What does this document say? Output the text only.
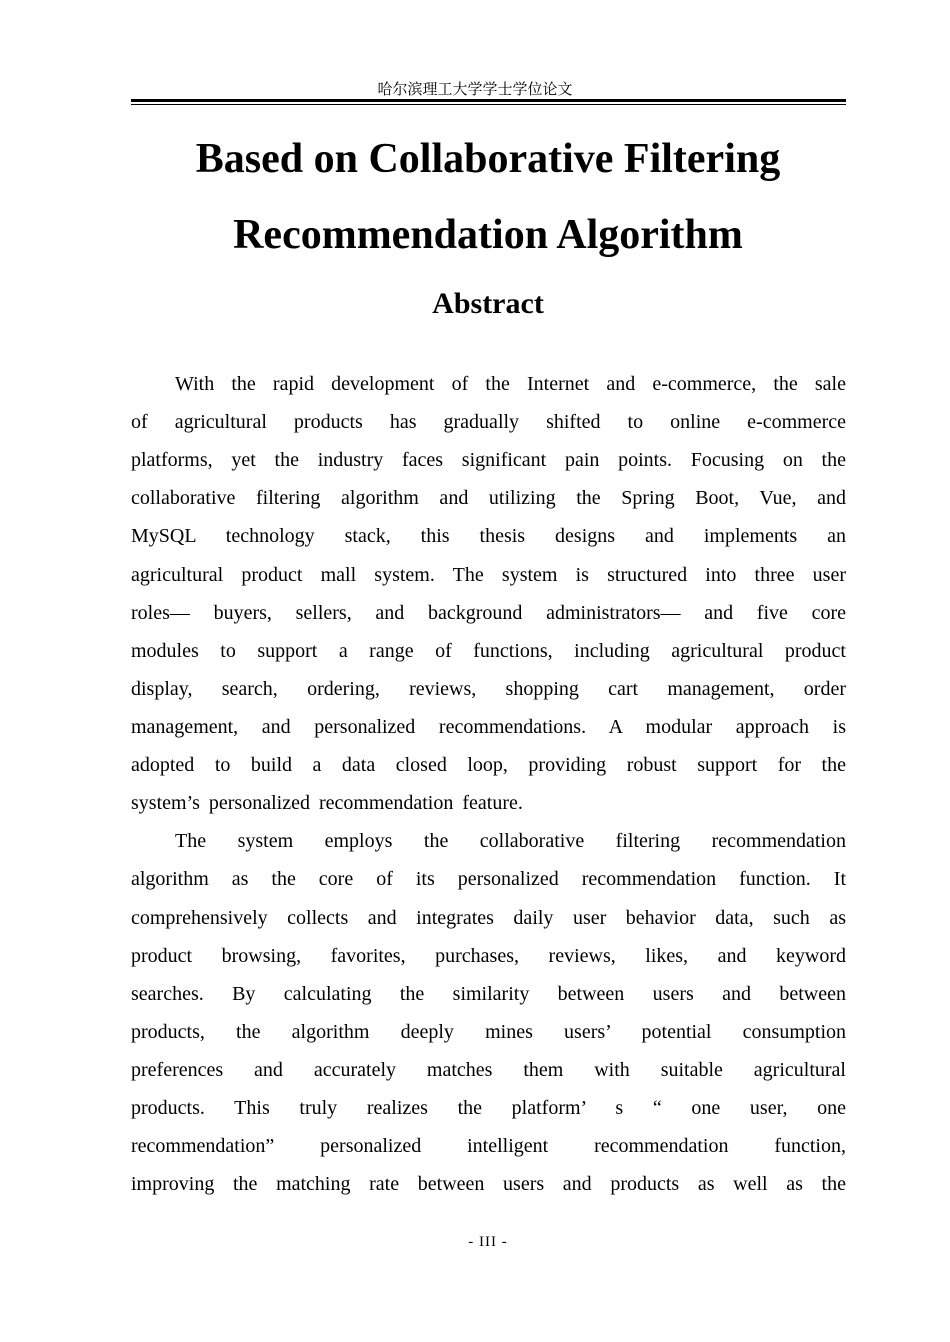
哈尔滨理工大学学士学位论文
Based on Collaborative Filtering
Recommendation Algorithm
Abstract
With the rapid development of the Internet and e-commerce, the sale
of agricultural products has gradually shifted to online e-commerce
platforms, yet the industry faces significant pain points. Focusing on the
collaborative filtering algorithm and utilizing the Spring Boot, Vue, and
MySQL technology stack, this thesis designs and implements an
agricultural product mall system. The system is structured into three user
roles— buyers, sellers, and background administrators— and five core
modules to support a range of functions, including agricultural product
display, search, ordering, reviews, shopping cart management, order
management, and personalized recommendations. A modular approach is
adopted to build a data closed loop, providing robust support for the
system’s personalized recommendation feature.
The system employs the collaborative filtering recommendation
algorithm as the core of its personalized recommendation function. It
comprehensively collects and integrates daily user behavior data, such as
product browsing, favorites, purchases, reviews, likes, and keyword
searches. By calculating the similarity between users and between
products, the algorithm deeply mines users’ potential consumption
preferences and accurately matches them with suitable agricultural
products. This truly realizes the platform’ s “ one user, one
recommendation” personalized intelligent recommendation function,
improving the matching rate between users and products as well as the
- III -
